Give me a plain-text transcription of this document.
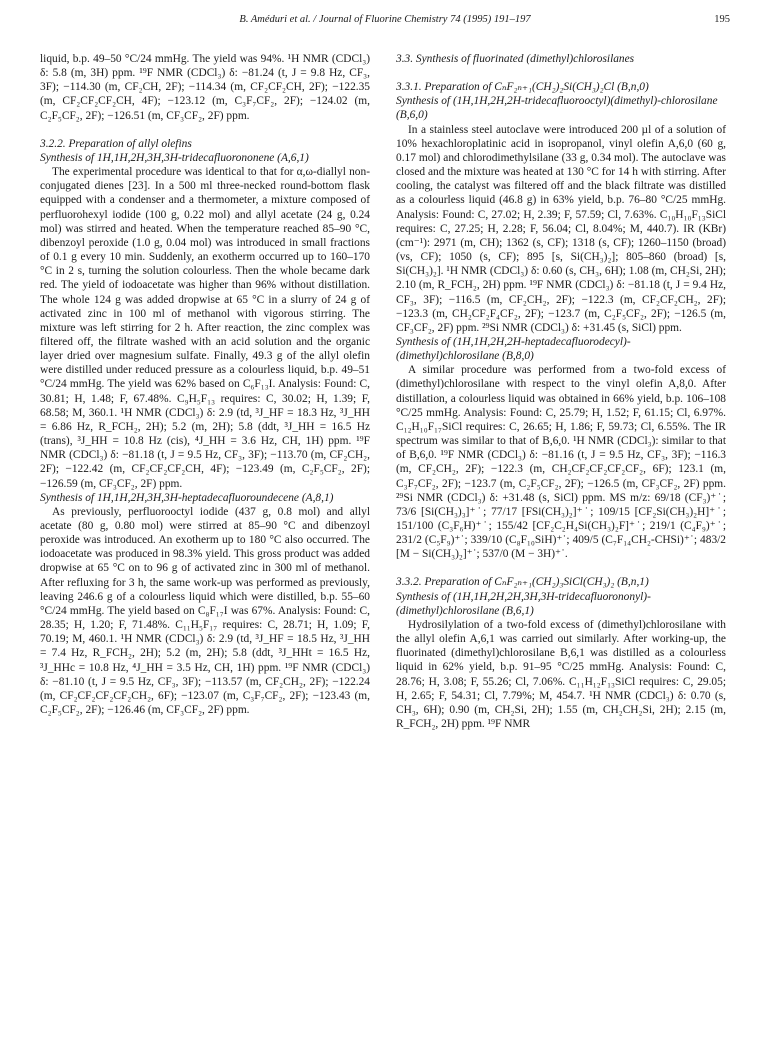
B. Améduri et al. / Journal of Fluorine Chemistry 74 (1995) 191–197	195

liquid, b.p. 49–50 °C/24 mmHg. The yield was 94%. ¹H NMR (CDCl₃) δ: 5.8 (m, 3H) ppm. ¹⁹F NMR (CDCl₃) δ: −81.24 (t, J = 9.8 Hz, CF₃, 3F); −114.30 (m, CF₂CH, 2F); −114.34 (m, CF₂CF₂CH, 2F); −122.35 (m, CF₂CF₂CF₂CH, 4F); −123.12 (m, C₃F₇CF₂, 2F); −124.02 (m, C₂F₅CF₂, 2F); −126.51 (m, CF₃CF₂, 2F) ppm.

3.2.2. Preparation of allyl olefins

Synthesis of 1H,1H,2H,3H,3H-tridecafluorononene (A,6,1)

The experimental procedure was identical to that for α,ω-diallyl non-conjugated dienes [23]. In a 500 ml three-necked round-bottom flask equipped with a condenser and a thermometer, a mixture composed of perfluorohexyl iodide (100 g, 0.22 mol) and allyl acetate (24 g, 0.24 mol) was stirred and heated. When the temperature reached 85–90 °C, dibenzoyl peroxide (1.0 g, 0.04 mol) was introduced in small fractions of 0.1 g every 10 min. Suddenly, an exotherm occurred up to 160–170 °C in 2 s, turning the solution colourless. Then the whole became dark red. The yield of iodoacetate was higher than 96% without distillation. The whole 124 g was added dropwise at 65 °C in a slurry of 24 g of activated zinc in 100 ml of methanol with vigorous stirring. The mixture was left stirring for 2 h. After reaction, the zinc complex was filtered off, the filtrate washed with an acid solution and the organic layer dried over magnesium sulfate. Finally, 49.3 g of the allyl olefin were distilled under reduced pressure as a colourless liquid, b.p. 49–51 °C/24 mmHg. The yield was 62% based on C₆F₁₃I. Analysis: Found: C, 30.81; H, 1.48; F, 67.48%. C₉H₅F₁₃ requires: C, 30.02; H, 1.39; F, 68.58; M, 360.1. ¹H NMR (CDCl₃) δ: 2.9 (td, ³J_HF = 18.3 Hz, ³J_HH = 6.86 Hz, R_FCH₂, 2H); 5.2 (m, 2H); 5.8 (ddt, ³J_HH = 16.5 Hz (trans), ³J_HH = 10.8 Hz (cis), ⁴J_HH = 3.6 Hz, CH, 1H) ppm. ¹⁹F NMR (CDCl₃) δ: −81.18 (t, J = 9.5 Hz, CF₃, 3F); −113.70 (m, CF₂CH₂, 2F); −122.42 (m, CF₂CF₂CF₂CH, 4F); −123.49 (m, C₂F₅CF₂, 2F); −126.59 (m, CF₃CF₂, 2F) ppm.

Synthesis of 1H,1H,2H,3H,3H-heptadecafluoroundecene (A,8,1)

As previously, perfluorooctyl iodide (437 g, 0.8 mol) and allyl acetate (80 g, 0.80 mol) were stirred at 85–90 °C and dibenzoyl peroxide was introduced. An exotherm up to 180 °C also occurred. The iodoacetate was produced in 98.3% yield. This gross product was added dropwise at 65 °C on to 96 g of activated zinc in 300 ml of methanol. After refluxing for 3 h, the same work-up was performed as previously, leaving 246.6 g of a colourless liquid which were distilled, b.p. 55–60 °C/24 mmHg. The yield based on C₈F₁₇I was 67%. Analysis: Found: C, 28.35; H, 1.20; F, 71.48%. C₁₁H₅F₁₇ requires: C, 28.71; H, 1.09; F, 70.19; M, 460.1. ¹H NMR (CDCl₃) δ: 2.9 (td, ³J_HF = 18.5 Hz, ³J_HH = 7.4 Hz, R_FCH₂, 2H); 5.2 (m, 2H); 5.8 (ddt, ³J_HHt = 16.5 Hz, ³J_HHc = 10.8 Hz, ⁴J_HH = 3.5 Hz, CH, 1H) ppm. ¹⁹F NMR (CDCl₃) δ: −81.10 (t, J = 9.5 Hz, CF₃, 3F); −113.57 (m, CF₂CH₂, 2F); −122.24 (m, CF₂CF₂CF₂CF₂CH₂, 6F); −123.07 (m, C₃F₇CF₂, 2F); −123.43 (m, C₂F₅CF₂, 2F); −126.46 (m, CF₃CF₂, 2F) ppm.

3.3. Synthesis of fluorinated (dimethyl)chlorosilanes

3.3.1. Preparation of CₙF₂ₙ₊₁(CH₂)₂Si(CH₃)₂Cl (B,n,0)

Synthesis of (1H,1H,2H,2H-tridecafluorooctyl)(dimethyl)-chlorosilane (B,6,0)

In a stainless steel autoclave were introduced 200 µl of a solution of 10% hexachloroplatinic acid in isopropanol, vinyl olefin A,6,0 (60 g, 0.17 mol) and chlorodimethylsilane (33 g, 0.34 mol). The autoclave was closed and the mixture was heated at 130 °C for 14 h with stirring. After cooling, the catalyst was filtered off and the black filtrate was distilled as a colourless liquid (46.8 g) in 63% yield, b.p. 76–80 °C/25 mmHg. Analysis: Found: C, 27.02; H, 2.39; F, 57.59; Cl, 7.63%. C₁₀H₁₀F₁₃SiCl requires: C, 27.25; H, 2.28; F, 56.04; Cl, 8.04%; M, 440.7). IR (KBr) (cm⁻¹): 2971 (m, CH); 1362 (s, CF); 1318 (s, CF); 1260–1150 (broad) (vs, CF); 1050 (s, CF); 895 [s, Si(CH₃)₂]; 805–860 (broad) [s, Si(CH₃)₂]. ¹H NMR (CDCl₃) δ: 0.60 (s, CH₃, 6H); 1.08 (m, CH₂Si, 2H); 2.10 (m, R_FCH₂, 2H) ppm. ¹⁹F NMR (CDCl₃) δ: −81.18 (t, J = 9.4 Hz, CF₃, 3F); −116.5 (m, CF₂CH₂, 2F); −122.3 (m, CF₂CF₂CH₂, 2F); −123.3 (m, CH₂CF₂F₄CF₂, 2F); −123.7 (m, C₂F₅CF₂, 2F); −126.5 (m, CF₃CF₂, 2F) ppm. ²⁹Si NMR (CDCl₃) δ: +31.45 (s, SiCl) ppm.

Synthesis of (1H,1H,2H,2H-heptadecafluorodecyl)-(dimethyl)chlorosilane (B,8,0)

A similar procedure was performed from a two-fold excess of (dimethyl)chlorosilane with respect to the vinyl olefin A,8,0. After distillation, a colourless liquid was obtained in 66% yield, b.p. 106–108 °C/25 mmHg. Analysis: Found: C, 25.79; H, 1.52; F, 61.15; Cl, 6.97%. C₁₂H₁₀F₁₇SiCl requires: C, 26.65; H, 1.86; F, 59.73; Cl, 6.55%. The IR spectrum was similar to that of B,6,0. ¹H NMR (CDCl₃): similar to that of B,6,0. ¹⁹F NMR (CDCl₃) δ: −81.16 (t, J = 9.5 Hz, CF₃, 3F); −116.3 (m, CF₂CH₂, 2F); −122.3 (m, CH₂CF₂CF₂CF₂CF₂, 6F); 123.1 (m, C₃F₇CF₂, 2F); −123.7 (m, C₂F₅CF₂, 2F); −126.5 (m, CF₃CF₂, 2F) ppm. ²⁹Si NMR (CDCl₃) δ: +31.48 (s, SiCl) ppm. MS m/z: 69/18 (CF₃)⁺˙; 73/6 [Si(CH₃)₃]⁺˙; 77/17 [FSi(CH₃)₂]⁺˙; 109/15 [CF₂Si(CH₃)₂H]⁺˙; 151/100 (C₃F₆H)⁺˙; 155/42 [CF₂C₂H₄Si(CH₃)₂F]⁺˙; 219/1 (C₄F₉)⁺˙; 231/2 (C₅F₉)⁺˙; 339/10 (C₈F₁₀SiH)⁺˙; 409/5 (C₇F₁₄CH₂-CHSi)⁺˙; 483/2 [M − Si(CH₃)₂]⁺˙; 537/0 (M − 3H)⁺˙.

3.3.2. Preparation of CₙF₂ₙ₊₁(CH₂)₃SiCl(CH₃)₂ (B,n,1)

Synthesis of (1H,1H,2H,2H,3H,3H-tridecafluorononyl)-(dimethyl)chlorosilane (B,6,1)

Hydrosilylation of a two-fold excess of (dimethyl)chlorosilane with the allyl olefin A,6,1 was carried out similarly. After working-up, the fluorinated (dimethyl)chlorosilane B,6,1 was distilled as a colourless liquid in 62% yield, b.p. 91–95 °C/25 mmHg. Analysis: Found: C, 28.76; H, 3.08; F, 55.26; Cl, 7.06%. C₁₁H₁₂F₁₃SiCl requires: C, 29.05; H, 2.65; F, 54.31; Cl, 7.79%; M, 454.7. ¹H NMR (CDCl₃) δ: 0.70 (s, CH₃, 6H); 0.90 (m, CH₂Si, 2H); 1.55 (m, CH₂CH₂Si, 2H); 2.15 (m, R_FCH₂, 2H) ppm. ¹⁹F NMR
